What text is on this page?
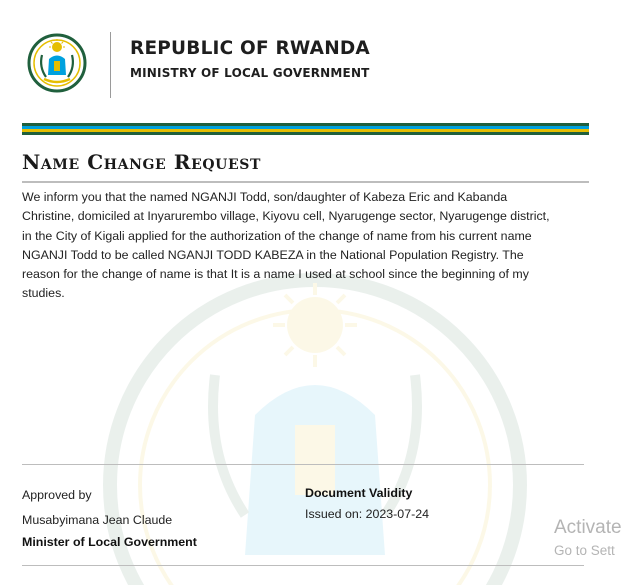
REPUBLIC OF RWANDA
MINISTRY OF LOCAL GOVERNMENT
Name Change Request
We inform you that the named NGANJI Todd, son/daughter of Kabeza Eric and Kabanda
Christine, domiciled at Inyarurembo village, Kiyovu cell, Nyarugenge sector, Nyarugenge district,
in the City of Kigali applied for the authorization of the change of name from his current name
NGANJI Todd to be called NGANJI TODD KABEZA in the National Population Registry. The
reason for the change of name is that It is a name I used at school since the beginning of my
studies.
Approved by
Musabyimana Jean Claude
Minister of Local Government
Document Validity
Issued on: 2023-07-24
Activate
Go to Sett
